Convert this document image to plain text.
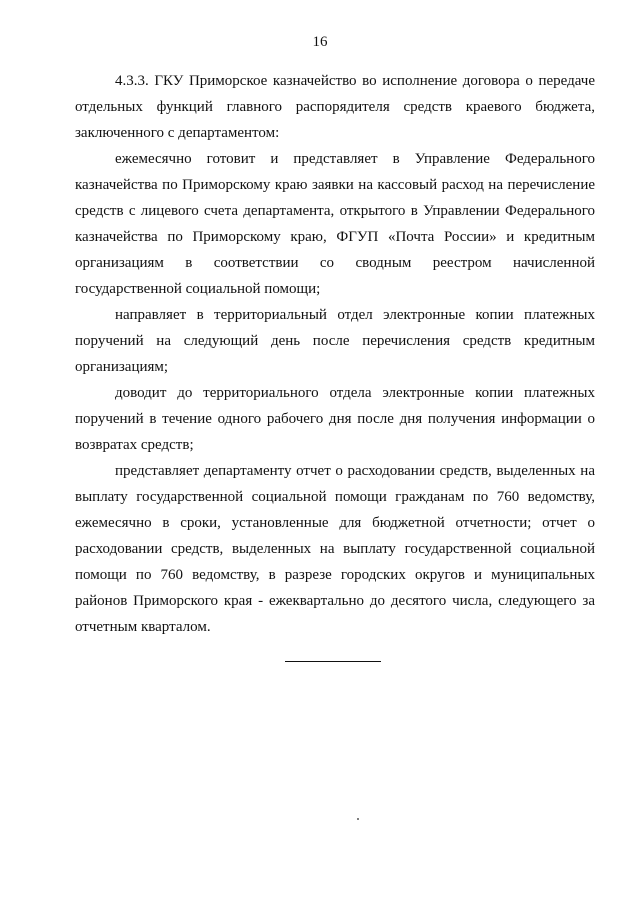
16

4.3.3. ГКУ Приморское казначейство во исполнение договора о передаче отдельных функций главного распорядителя средств краевого бюджета, заключенного с департаментом:

ежемесячно готовит и представляет в Управление Федерального казначейства по Приморскому краю заявки на кассовый расход на перечисление средств с лицевого счета департамента, открытого в Управлении Федерального казначейства по Приморскому краю, ФГУП «Почта России» и кредитным организациям в соответствии со сводным реестром начисленной государственной социальной помощи;

направляет в территориальный отдел электронные копии платежных поручений на следующий день после перечисления средств кредитным организациям;

доводит до территориального отдела электронные копии платежных поручений в течение одного рабочего дня после дня получения информации о возвратах средств;

представляет департаменту отчет о расходовании средств, выделенных на выплату государственной социальной помощи гражданам по 760 ведомству, ежемесячно в сроки, установленные для бюджетной отчетности; отчет о расходовании средств, выделенных на выплату государственной социальной помощи по 760 ведомству, в разрезе городских округов и муниципальных районов Приморского края - ежеквартально до десятого числа, следующего за отчетным кварталом.
